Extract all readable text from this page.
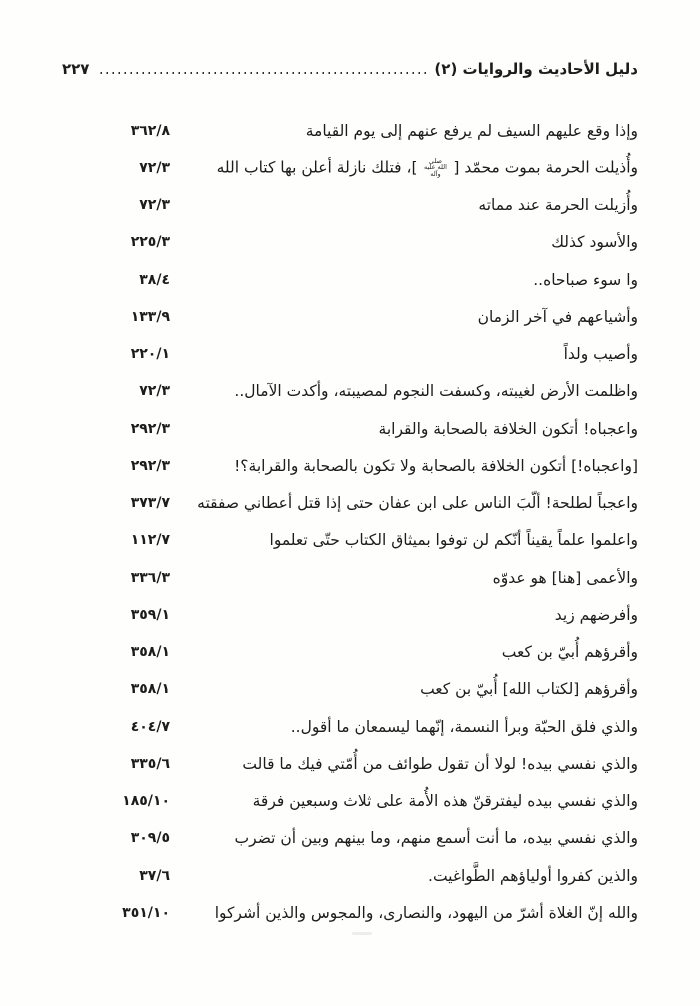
دليل الأحاديث والروايات (٢)
٢٢٧
وإذا وقع عليهم السيف لم يرفع عنهم إلى يوم القيامة
٣٦٢/٨
وأُذيلت الحرمة بموت محمّد [ صلى الله عليه وآله ]، فتلك نازلة أعلن بها كتاب الله
٧٢/٣
وأُزيلت الحرمة عند مماته
٧٢/٣
والأسود كذلك
٢٢٥/٣
وا سوء صباحاه..
٣٨/٤
وأشياعهم في آخر الزمان
١٣٣/٩
وأصيب ولداً
٢٢٠/١
واظلمت الأرض لغيبته، وكسفت النجوم لمصيبته، وأكدت الآمال..
٧٢/٣
واعجباه! أتكون الخلافة بالصحابة والقرابة
٢٩٢/٣
[واعجباه!] أتكون الخلافة بالصحابة ولا تكون بالصحابة والقرابة؟!
٢٩٢/٣
واعجباً لطلحة! ألّبَ الناس على ابن عفان حتى إذا قتل أعطاني صفقته
٣٧٣/٧
واعلموا علماً يقيناً أنّكم لن توفوا بميثاق الكتاب حتّى تعلموا
١١٢/٧
والأعمى [هنا] هو عدوّه
٣٣٦/٣
وأفرضهم زيد
٣٥٩/١
وأقرؤهم أُبيّ بن كعب
٣٥٨/١
وأقرؤهم [لكتاب الله] أُبيّ بن كعب
٣٥٨/١
والذي فلق الحبّة وبرأ النسمة، إنّهما ليسمعان ما أقول..
٤٠٤/٧
والذي نفسي بيده! لولا أن تقول طوائف من أُمّتي فيك ما قالت
٣٣٥/٦
والذي نفسي بيده ليفترقنّ هذه الأُمة على ثلاث وسبعين فرقة
١٨٥/١٠
والذي نفسي بيده، ما أنت أسمع منهم، وما بينهم وبين أن تضرب
٣٠٩/٥
والذين كفروا أولياؤهم الطَّواغيت.
٣٧/٦
والله إنّ الغلاة أشرّ من اليهود، والنصارى، والمجوس والذين أشركوا
٣٥١/١٠
